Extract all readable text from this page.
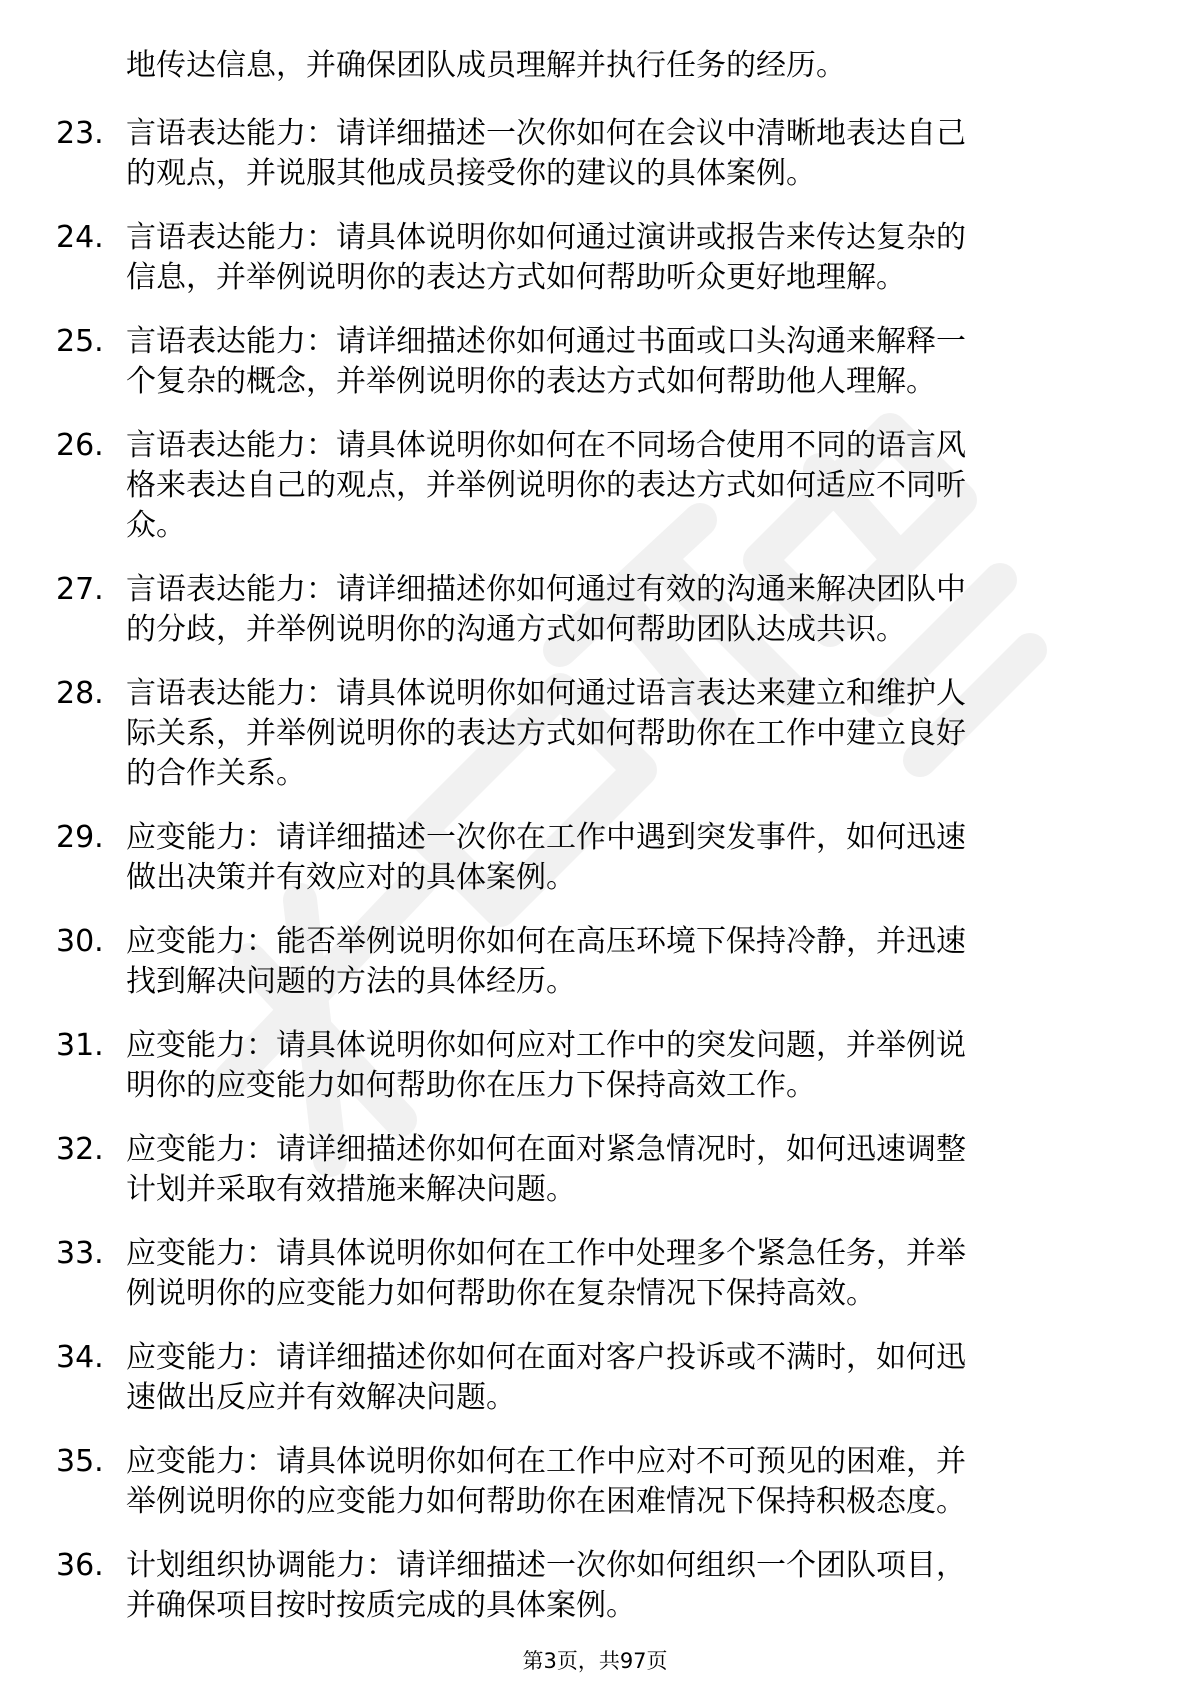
地传达信息，并确保团队成员理解并执行任务的经历。
23. 言语表达能力：请详细描述一次你如何在会议中清晰地表达自己
的观点，并说服其他成员接受你的建议的具体案例。
24. 言语表达能力：请具体说明你如何通过演讲或报告来传达复杂的
信息，并举例说明你的表达方式如何帮助听众更好地理解。
25. 言语表达能力：请详细描述你如何通过书面或口头沟通来解释一
个复杂的概念，并举例说明你的表达方式如何帮助他人理解。
26. 言语表达能力：请具体说明你如何在不同场合使用不同的语言风
格来表达自己的观点，并举例说明你的表达方式如何适应不同听
众。
27. 言语表达能力：请详细描述你如何通过有效的沟通来解决团队中
的分歧，并举例说明你的沟通方式如何帮助团队达成共识。
28. 言语表达能力：请具体说明你如何通过语言表达来建立和维护人
际关系，并举例说明你的表达方式如何帮助你在工作中建立良好
的合作关系。
29. 应变能力：请详细描述一次你在工作中遇到突发事件，如何迅速
做出决策并有效应对的具体案例。
30. 应变能力：能否举例说明你如何在高压环境下保持冷静，并迅速
找到解决问题的方法的具体经历。
31. 应变能力：请具体说明你如何应对工作中的突发问题，并举例说
明你的应变能力如何帮助你在压力下保持高效工作。
32. 应变能力：请详细描述你如何在面对紧急情况时，如何迅速调整
计划并采取有效措施来解决问题。
33. 应变能力：请具体说明你如何在工作中处理多个紧急任务，并举
例说明你的应变能力如何帮助你在复杂情况下保持高效。
34. 应变能力：请详细描述你如何在面对客户投诉或不满时，如何迅
速做出反应并有效解决问题。
35. 应变能力：请具体说明你如何在工作中应对不可预见的困难，并
举例说明你的应变能力如何帮助你在困难情况下保持积极态度。
36. 计划组织协调能力：请详细描述一次你如何组织一个团队项目，
并确保项目按时按质完成的具体案例。
第3页，共97页
